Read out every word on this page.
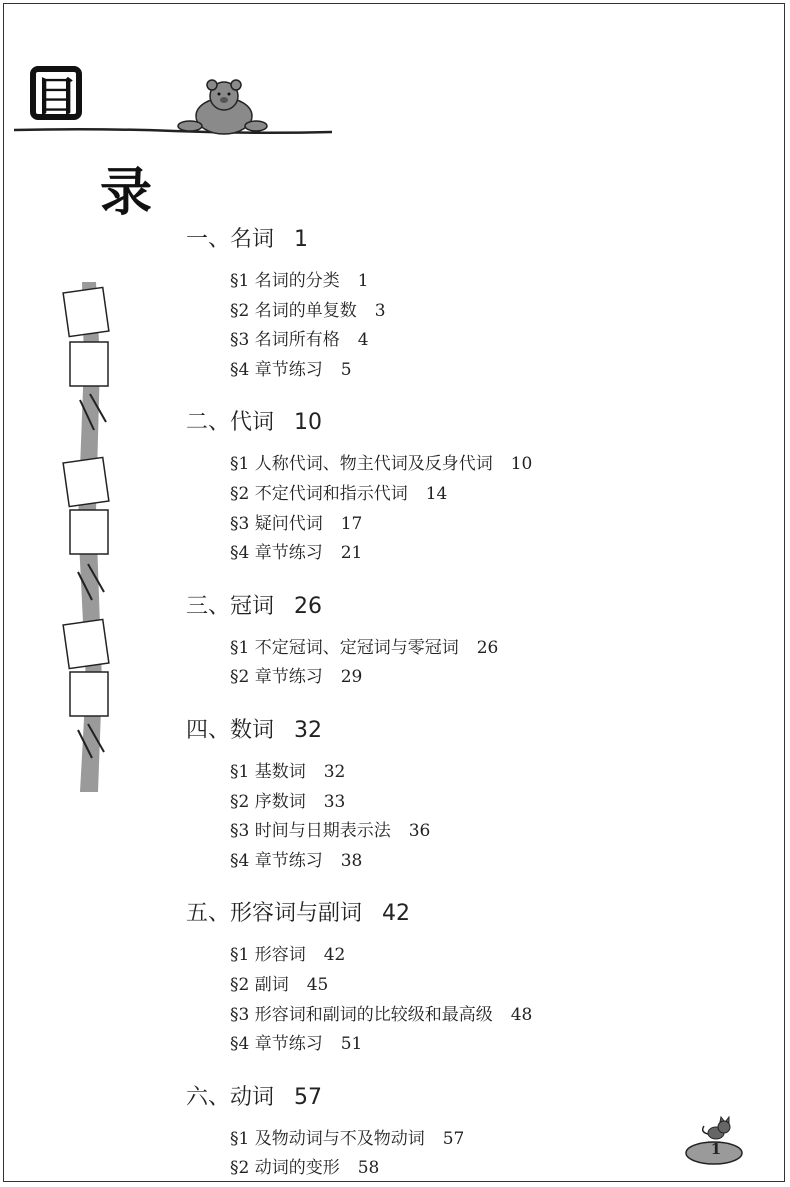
目
录
一、名词 1
§1 名词的分类 1
§2 名词的单复数 3
§3 名词所有格 4
§4 章节练习 5
二、代词 10
§1 人称代词、物主代词及反身代词 10
§2 不定代词和指示代词 14
§3 疑问代词 17
§4 章节练习 21
三、冠词 26
§1 不定冠词、定冠词与零冠词 26
§2 章节练习 29
四、数词 32
§1 基数词 32
§2 序数词 33
§3 时间与日期表示法 36
§4 章节练习 38
五、形容词与副词 42
§1 形容词 42
§2 副词 45
§3 形容词和副词的比较级和最高级 48
§4 章节练习 51
六、动词 57
§1 及物动词与不及物动词 57
§2 动词的变形 58
1
